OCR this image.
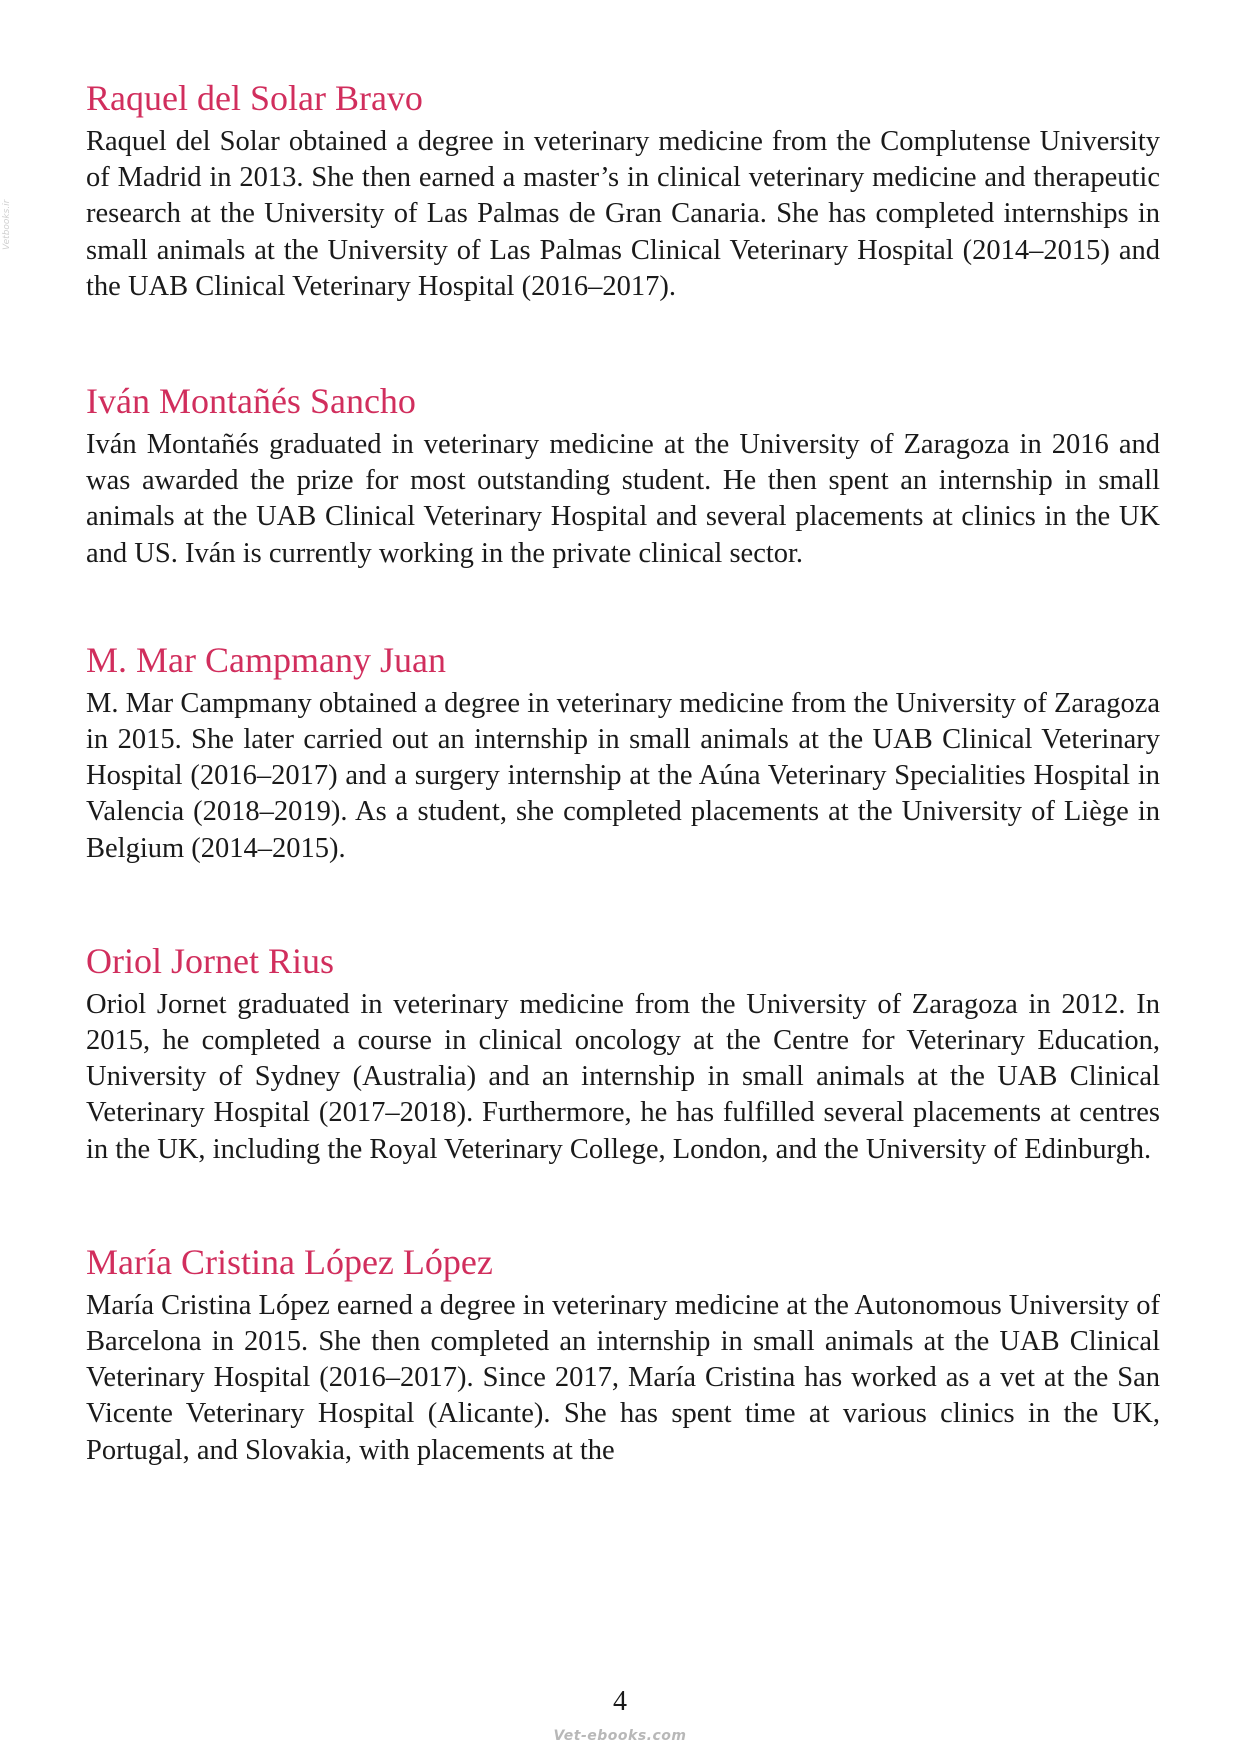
Vetbooks.ir
Raquel del Solar Bravo

Raquel del Solar obtained a degree in veterinary medicine from the Complutense University of Madrid in 2013. She then earned a master’s in clinical veterinary medicine and therapeutic research at the University of Las Palmas de Gran Canaria. She has completed internships in small animals at the University of Las Palmas Clinical Veterinary Hospital (2014–2015) and the UAB Clinical Veterinary Hospital (2016–2017).

Iván Montañés Sancho

Iván Montañés graduated in veterinary medicine at the University of Zaragoza in 2016 and was awarded the prize for most outstanding student. He then spent an internship in small animals at the UAB Clinical Veterinary Hospital and several placements at clinics in the UK and US. Iván is currently working in the private clinical sector.

M. Mar Campmany Juan

M. Mar Campmany obtained a degree in veterinary medicine from the University of Zaragoza in 2015. She later carried out an internship in small animals at the UAB Clinical Veterinary Hospital (2016–2017) and a surgery internship at the Aúna Veterinary Specialities Hospital in Valencia (2018–2019). As a student, she completed placements at the University of Liège in Belgium (2014–2015).

Oriol Jornet Rius

Oriol Jornet graduated in veterinary medicine from the University of Zaragoza in 2012. In 2015, he completed a course in clinical oncology at the Centre for Veterinary Education, University of Sydney (Australia) and an internship in small animals at the UAB Clinical Veterinary Hospital (2017–2018). Furthermore, he has fulfilled several placements at centres in the UK, including the Royal Veterinary College, London, and the University of Edinburgh.

María Cristina López López

María Cristina López earned a degree in veterinary medicine at the Autonomous University of Barcelona in 2015. She then completed an internship in small animals at the UAB Clinical Veterinary Hospital (2016–2017). Since 2017, María Cristina has worked as a vet at the San Vicente Veterinary Hospital (Alicante). She has spent time at various clinics in the UK, Portugal, and Slovakia, with placements at the

4
Vet-ebooks.com
